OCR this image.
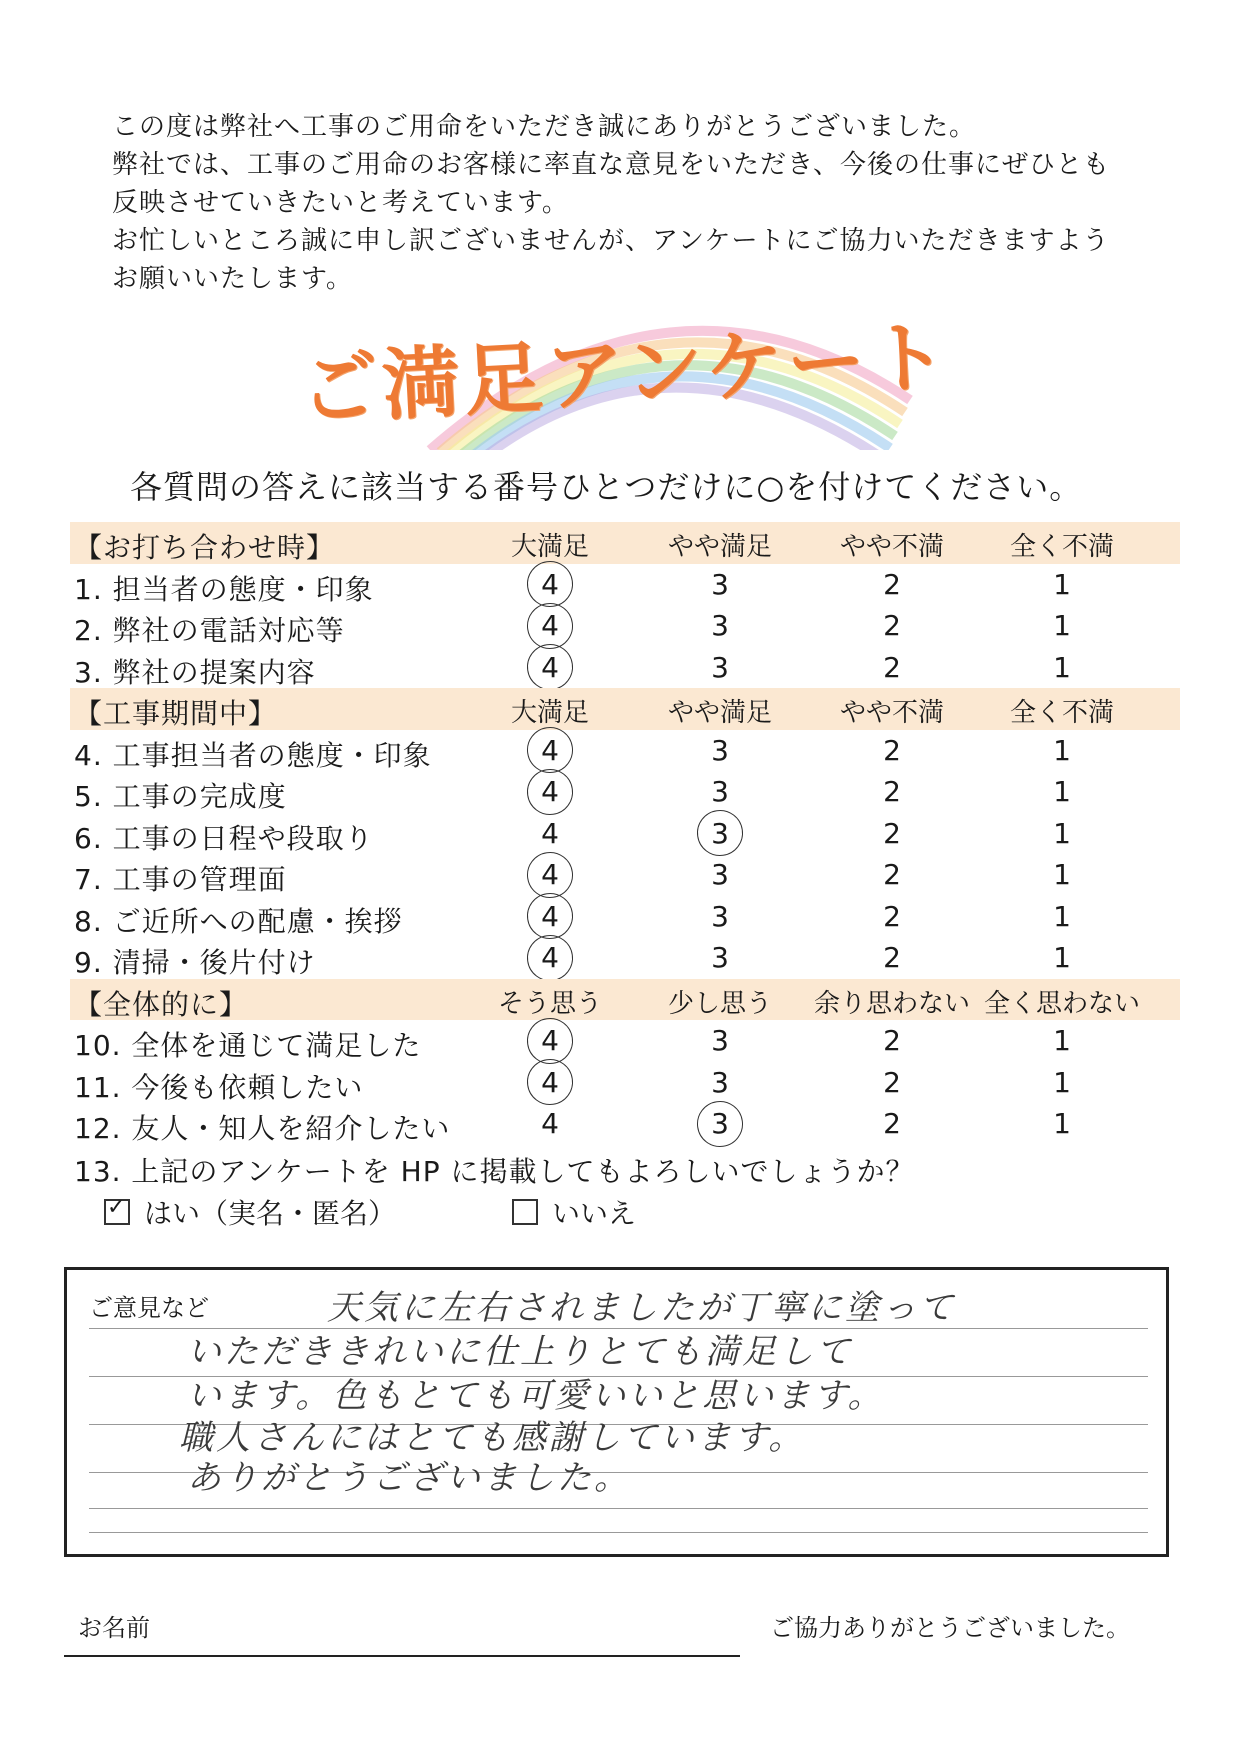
この度は弊社へ工事のご用命をいただき誠にありがとうございました。
弊社では、工事のご用命のお客様に率直な意見をいただき、今後の仕事にぜひとも
反映させていきたいと考えています。
お忙しいところ誠に申し訳ございませんが、アンケートにご協力いただきますよう
お願いいたします。
ご満足アンケート
各質問の答えに該当する番号ひとつだけに○を付けてください。
【お打ち合わせ時】	大満足	やや満足	やや不満	全く不満
1. 担当者の態度・印象	4	3	2	1
2. 弊社の電話対応等	4	3	2	1
3. 弊社の提案内容	4	3	2	1
【工事期間中】	大満足	やや満足	やや不満	全く不満
4. 工事担当者の態度・印象	4	3	2	1
5. 工事の完成度	4	3	2	1
6. 工事の日程や段取り	4	3	2	1
7. 工事の管理面	4	3	2	1
8. ご近所への配慮・挨拶	4	3	2	1
9. 清掃・後片付け	4	3	2	1
【全体的に】	そう思う	少し思う 余り思わない 全く思わない
10. 全体を通じて満足した	4	3	2	1
11. 今後も依頼したい	4	3	2	1
12. 友人・知人を紹介したい	4	3	2	1
13. 上記のアンケートを HP に掲載してもよろしいでしょうか？
✓
はい（実名・匿名）	いいえ
ご意見など	天気に左右されましたが丁寧に塗って
いただききれいに仕上りとても満足して
います。色もとても可愛いいと思います。
職人さんにはとても感謝しています。
ありがとうございました。
お名前	ご協力ありがとうございました。
